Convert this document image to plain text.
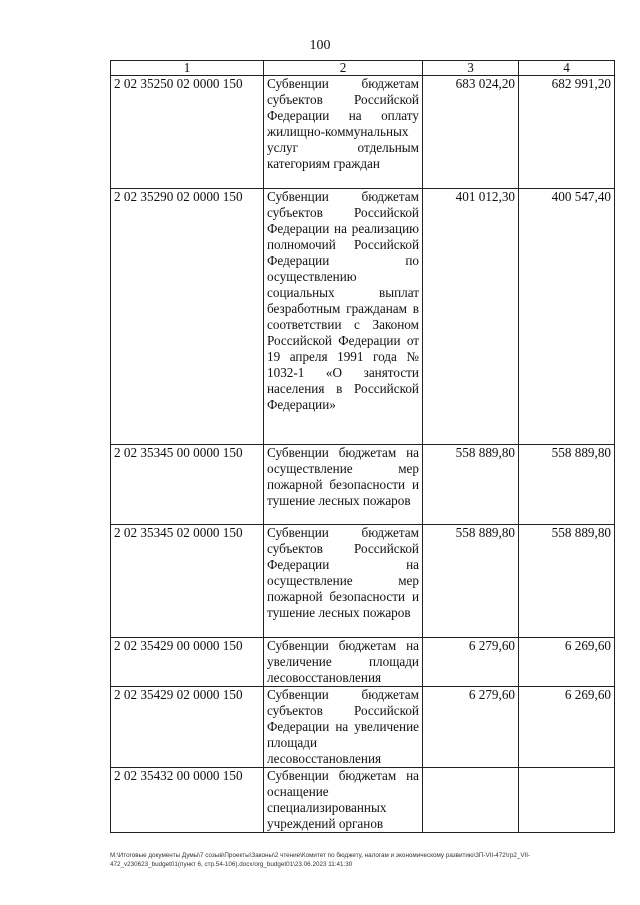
100
1	2	3	4
2 02 35250 02 0000 150	Субвенции бюджетам субъектов Российской Федерации на оплату жилищно-коммунальных услуг отдельным категориям граждан	683 024,20	682 991,20
2 02 35290 02 0000 150	Субвенции бюджетам субъектов Российской Федерации на реализацию полномочий Российской Федерации по осуществлению социальных выплат безработным гражданам в соответствии с Законом Российской Федерации от 19 апреля 1991 года № 1032-1 «О занятости населения в Российской Федерации»	401 012,30	400 547,40
2 02 35345 00 0000 150	Субвенции бюджетам на осуществление мер пожарной безопасности и тушение лесных пожаров	558 889,80	558 889,80
2 02 35345 02 0000 150	Субвенции бюджетам субъектов Российской Федерации на осуществление мер пожарной безопасности и тушение лесных пожаров	558 889,80	558 889,80
2 02 35429 00 0000 150	Субвенции бюджетам на увеличение площади лесовосстановления	6 279,60	6 269,60
2 02 35429 02 0000 150	Субвенции бюджетам субъектов Российской Федерации на увеличение площади лесовосстановления	6 279,60	6 269,60
2 02 35432 00 0000 150	Субвенции бюджетам на оснащение специализированных учреждений органов		
М:\Итоговые документы Думы\7 созыв\Проекты\Законы\2 чтение\Комитет по бюджету, налогам и экономическому развитию\3П-VII-472\гр2_VII-472_v230623_budget01(пункт 6, стр.54-106).docx/org_budget01\23.06.2023 11:41:30
